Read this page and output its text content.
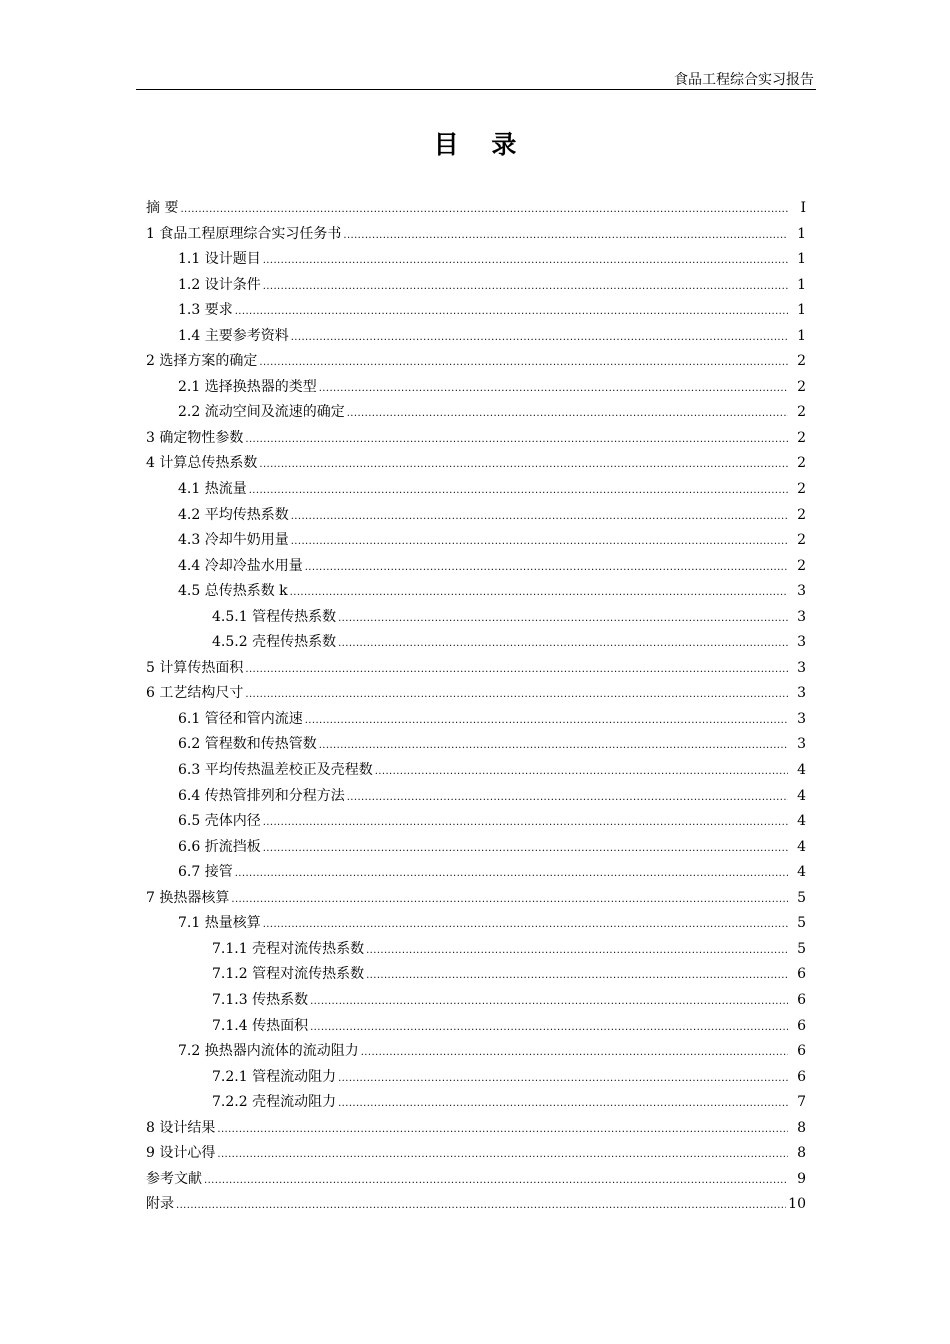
食品工程综合实习报告
目 录
摘 要 .....	I
1 食品工程原理综合实习任务书 .....	1
1.1 设计题目 .....	1
1.2 设计条件 .....	1
1.3 要求 .....	1
1.4 主要参考资料 .....	1
2 选择方案的确定 .....	2
2.1 选择换热器的类型 .....	2
2.2 流动空间及流速的确定 .....	2
3 确定物性参数 .....	2
4 计算总传热系数 .....	2
4.1 热流量 .....	2
4.2 平均传热系数 .....	2
4.3 冷却牛奶用量 .....	2
4.4 冷却冷盐水用量 .....	2
4.5 总传热系数 k .....	3
4.5.1 管程传热系数 .....	3
4.5.2 壳程传热系数 .....	3
5 计算传热面积 .....	3
6 工艺结构尺寸 .....	3
6.1 管径和管内流速 .....	3
6.2 管程数和传热管数 .....	3
6.3 平均传热温差校正及壳程数 .....	4
6.4 传热管排列和分程方法 .....	4
6.5 壳体内径 .....	4
6.6 折流挡板 .....	4
6.7 接管 .....	4
7 换热器核算 .....	5
7.1 热量核算 .....	5
7.1.1 壳程对流传热系数 .....	5
7.1.2 管程对流传热系数 .....	6
7.1.3 传热系数 .....	6
7.1.4 传热面积 .....	6
7.2 换热器内流体的流动阻力 .....	6
7.2.1 管程流动阻力 .....	6
7.2.2 壳程流动阻力 .....	7
8 设计结果 .....	8
9 设计心得 .....	8
参考文献 .....	9
附录 .....	10
